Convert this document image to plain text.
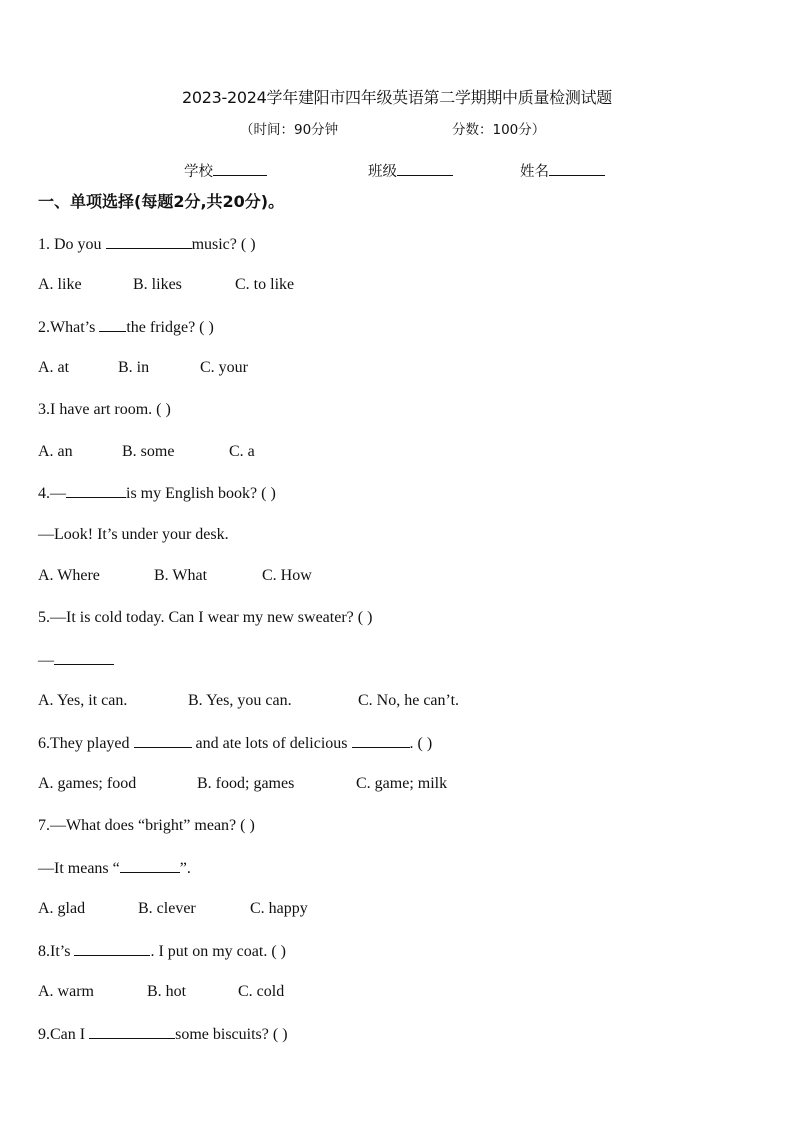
2023-2024学年建阳市四年级英语第二学期期中质量检测试题
（时间：90分钟	分数：100分）
学校	班级	姓名
一、单项选择(每题2分,共20分)。
1. Do you	music? ( )
A. like	B. likes	C. to like
2.What’s the fridge? ( )
A. at	B. in	C. your
3.I have art room. ( )
A. an	B. some	C. a
4.—	is my English book? ( )
—Look! It’s under your desk.
A. Where	B. What	C. How
5.—It is cold today. Can I wear my new sweater? ( )
—
A. Yes, it can.	B. Yes, you can.	C. No, he can’t.
6.They played	and ate lots of delicious	. ( )
A. games; food	B. food; games	C. game; milk
7.—What does “bright” mean? ( )
—It means “	”.
A. glad	B. clever	C. happy
8.It’s	. I put on my coat. ( )
A. warm	B. hot	C. cold
9.Can I	some biscuits? ( )
